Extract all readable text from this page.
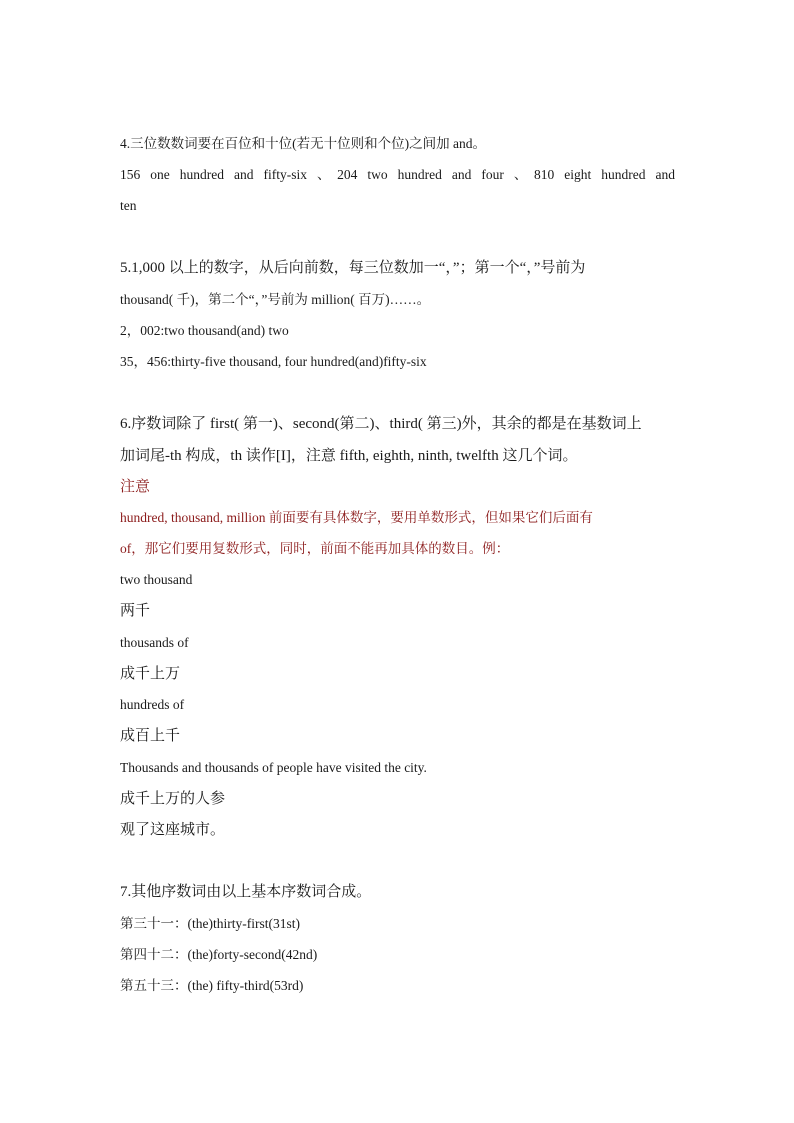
4.三位数数词要在百位和十位(若无十位则和个位)之间加 and。
156 one hundred and fifty-six 、204 two hundred and four 、810 eight hundred and
ten
5.1,000 以上的数字，从后向前数，每三位数加一“，”；第一个“，”号前为
thousand( 千)，第二个“，”号前为 million( 百万)……。
2，002:two thousand(and) two
35，456:thirty-five thousand, four hundred(and)fifty-six
6.序数词除了 first( 第一)、second(第二)、third( 第三)外，其余的都是在基数词上
加词尾-th 构成，th 读作[I]，注意 fifth, eighth, ninth, twelfth 这几个词。
注意
hundred, thousand, million 前面要有具体数字，要用单数形式，但如果它们后面有
of，那它们要用复数形式，同时，前面不能再加具体的数目。例：
two thousand
两千
thousands of
成千上万
hundreds of
成百上千
Thousands and thousands of people have visited the city.
成千上万的人参
观了这座城市。
7.其他序数词由以上基本序数词合成。
第三十一：(the)thirty-first(31st)
第四十二：(the)forty-second(42nd)
第五十三：(the) fifty-third(53rd)
